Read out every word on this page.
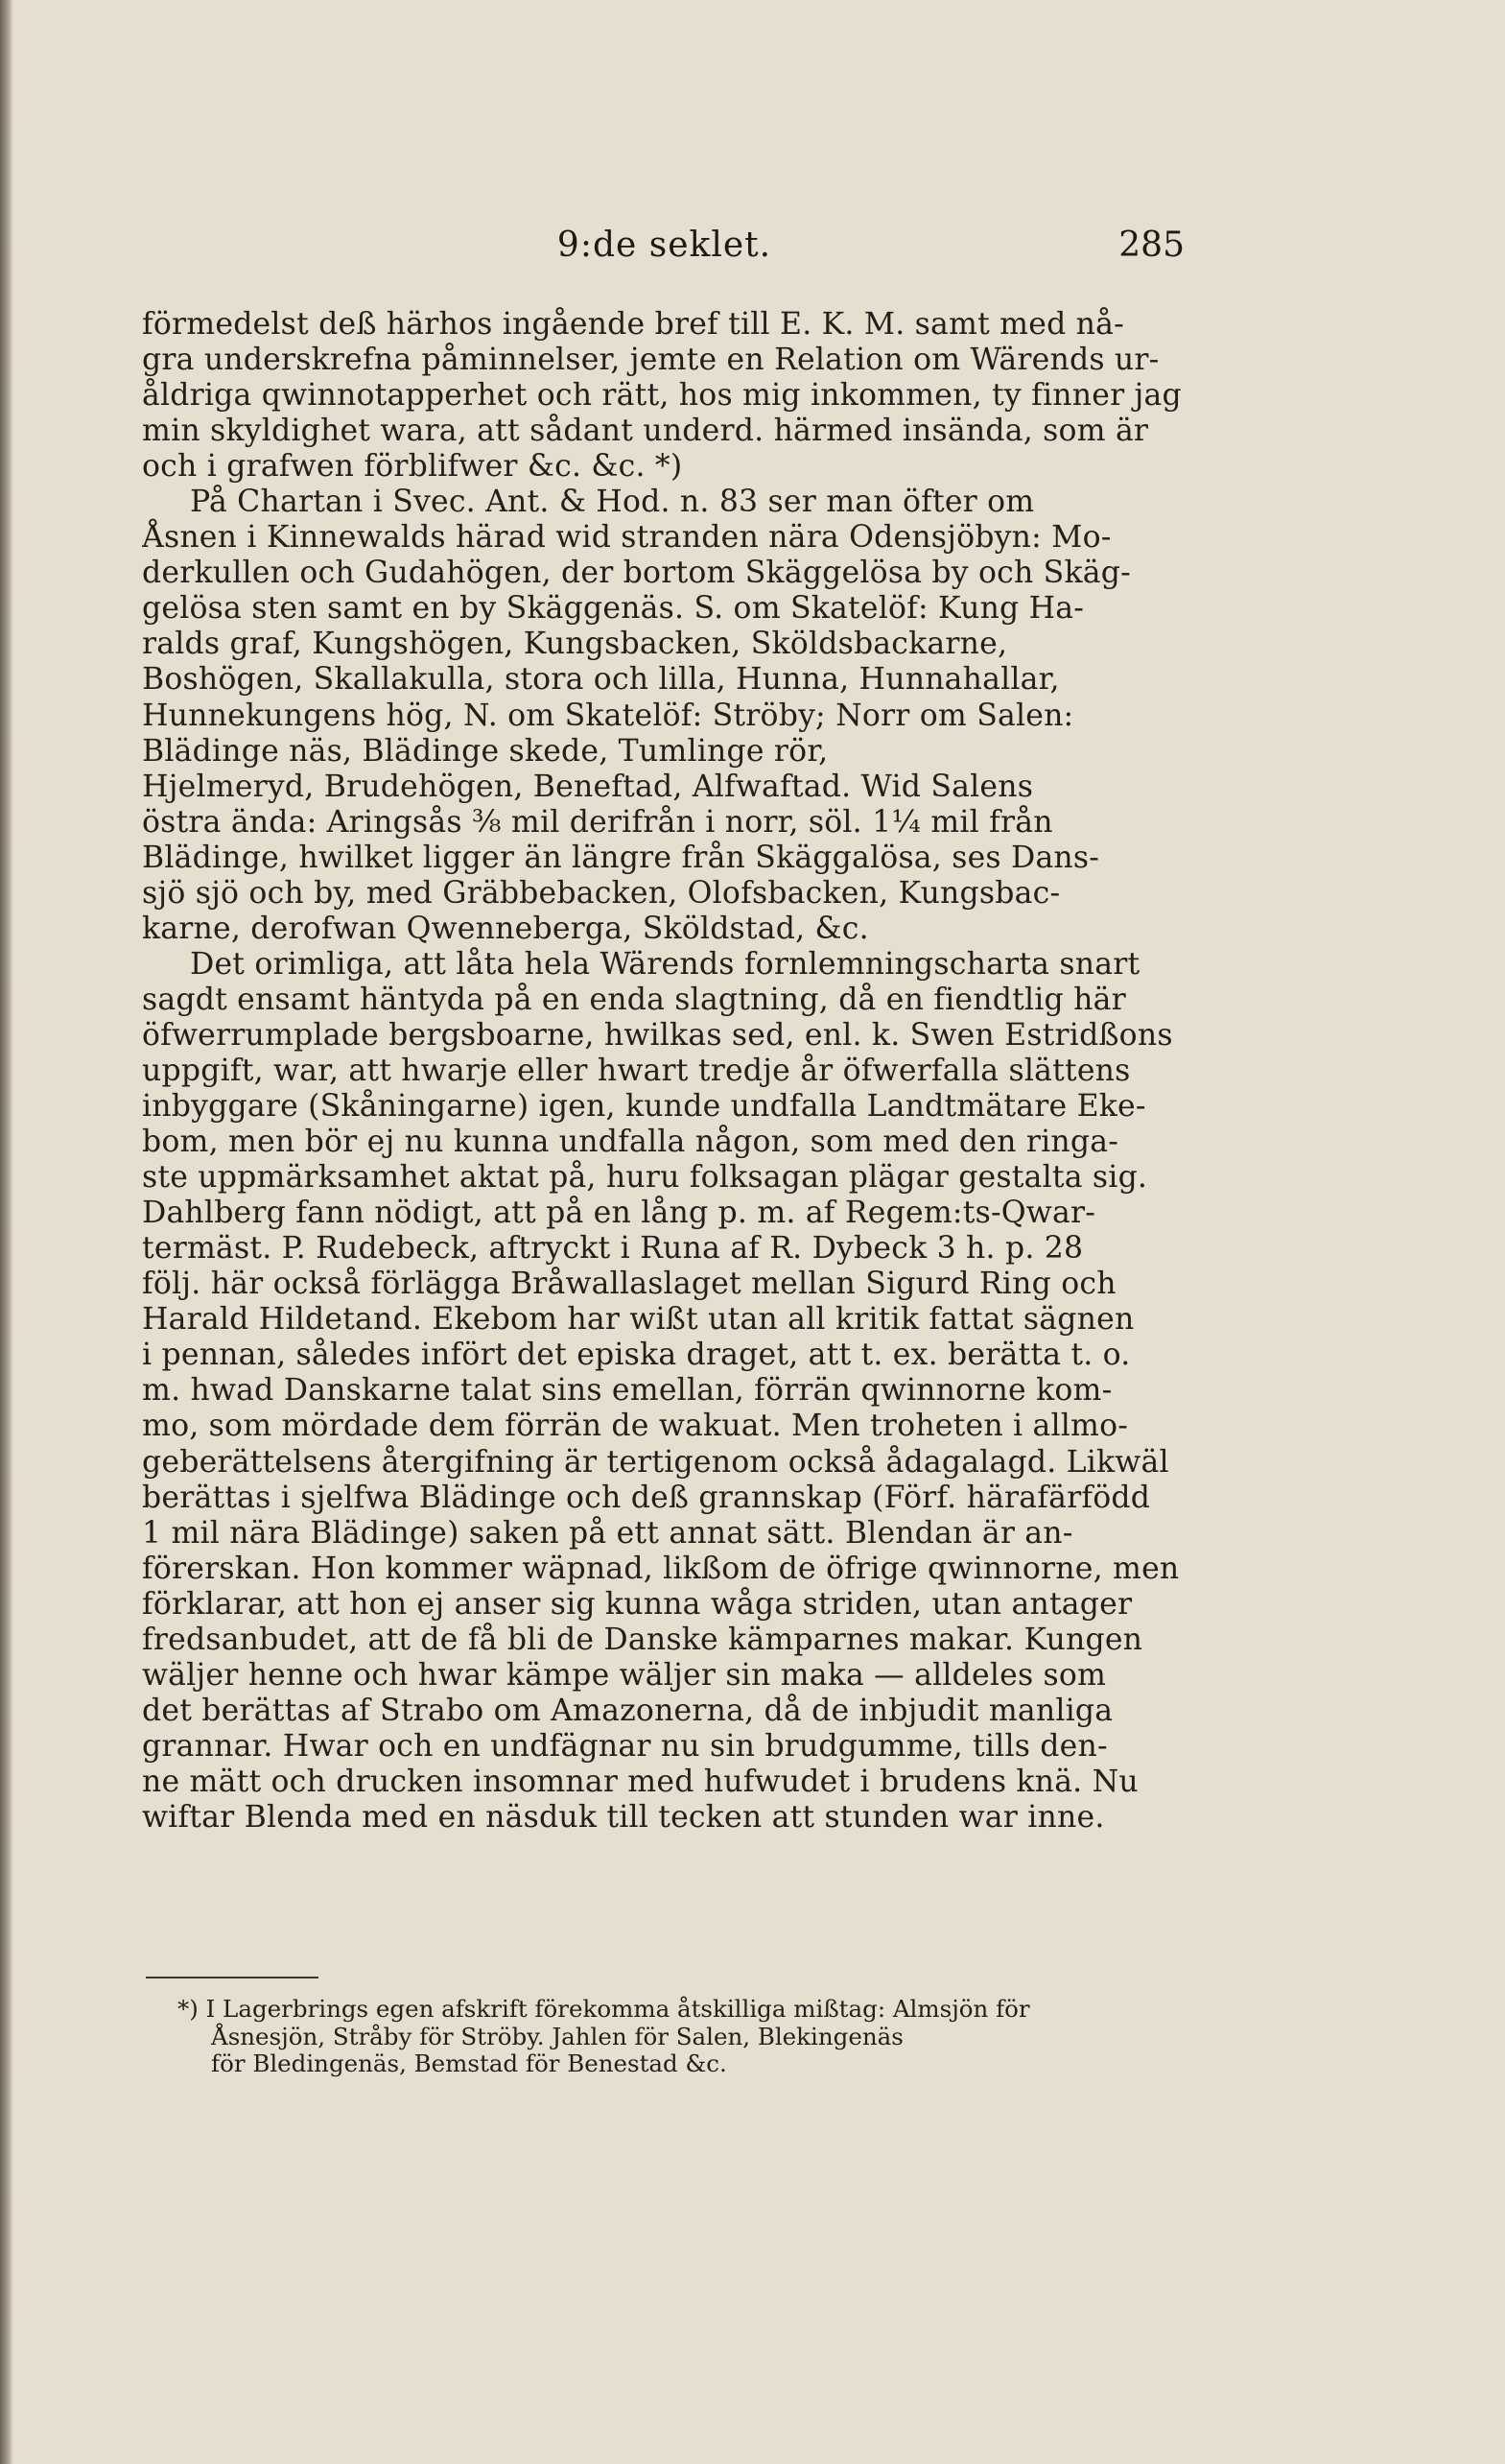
9:de seklet.	285
förmedelst deß härhos ingående bref till E. K. M. samt med nå-
gra underskrefna påminnelser, jemte en Relation om Wärends ur-
åldriga qwinnotapperhet och rätt, hos mig inkommen, ty finner jag
min skyldighet wara, att sådant underd. härmed insända, som är
och i grafwen förblifwer &c. &c. *)
På Chartan i Svec. Ant. & Hod. n. 83 ser man öfter om
Åsnen i Kinnewalds härad wid stranden nära Odensjöbyn: Mo-
derkullen och Gudahögen, der bortom Skäggelösa by och Skäg-
gelösa sten samt en by Skäggenäs. S. om Skatelöf: Kung Ha-
ralds graf, Kungshögen, Kungsbacken, Sköldsbackarne,
Boshögen, Skallakulla, stora och lilla, Hunna, Hunnahallar,
Hunnekungens hög, N. om Skatelöf: Ströby; Norr om Salen:
Blädinge näs, Blädinge skede, Tumlinge rör,
Hjelmeryd, Brudehögen, Beneftad, Alfwaftad. Wid Salens
östra ända: Aringsås ⅜ mil derifrån i norr, söl. 1¼ mil från
Blädinge, hwilket ligger än längre från Skäggalösa, ses Dans-
sjö sjö och by, med Gräbbebacken, Olofsbacken, Kungsbac-
karne, derofwan Qwenneberga, Sköldstad, &c.
Det orimliga, att låta hela Wärends fornlemningscharta snart
sagdt ensamt häntyda på en enda slagtning, då en fiendtlig här
öfwerrumplade bergsboarne, hwilkas sed, enl. k. Swen Estridßons
uppgift, war, att hwarje eller hwart tredje år öfwerfalla slättens
inbyggare (Skåningarne) igen, kunde undfalla Landtmätare Eke-
bom, men bör ej nu kunna undfalla någon, som med den ringa-
ste uppmärksamhet aktat på, huru folksagan plägar gestalta sig.
Dahlberg fann nödigt, att på en lång p. m. af Regem:ts-Qwar-
termäst. P. Rudebeck, aftryckt i Runa af R. Dybeck 3 h. p. 28
följ. här också förlägga Bråwallaslaget mellan Sigurd Ring och
Harald Hildetand. Ekebom har wißt utan all kritik fattat sägnen
i pennan, således infört det episka draget, att t. ex. berätta t. o.
m. hwad Danskarne talat sins emellan, förrän qwinnorne kom-
mo, som mördade dem förrän de wakuat. Men troheten i allmo-
geberättelsens återgifning är tertigenom också ådagalagd. Likwäl
berättas i sjelfwa Blädinge och deß grannskap (Förf. härafärfödd
1 mil nära Blädinge) saken på ett annat sätt. Blendan är an-
förerskan. Hon kommer wäpnad, likßom de öfrige qwinnorne, men
förklarar, att hon ej anser sig kunna wåga striden, utan antager
fredsanbudet, att de få bli de Danske kämparnes makar. Kungen
wäljer henne och hwar kämpe wäljer sin maka — alldeles som
det berättas af Strabo om Amazonerna, då de inbjudit manliga
grannar. Hwar och en undfägnar nu sin brudgumme, tills den-
ne mätt och drucken insomnar med hufwudet i brudens knä. Nu
wiftar Blenda med en näsduk till tecken att stunden war inne.
*) I Lagerbrings egen afskrift förekomma åtskilliga mißtag: Almsjön för
Åsnesjön, Stråby för Ströby. Jahlen för Salen, Blekingenäs
för Bledingenäs, Bemstad för Benestad &c.
